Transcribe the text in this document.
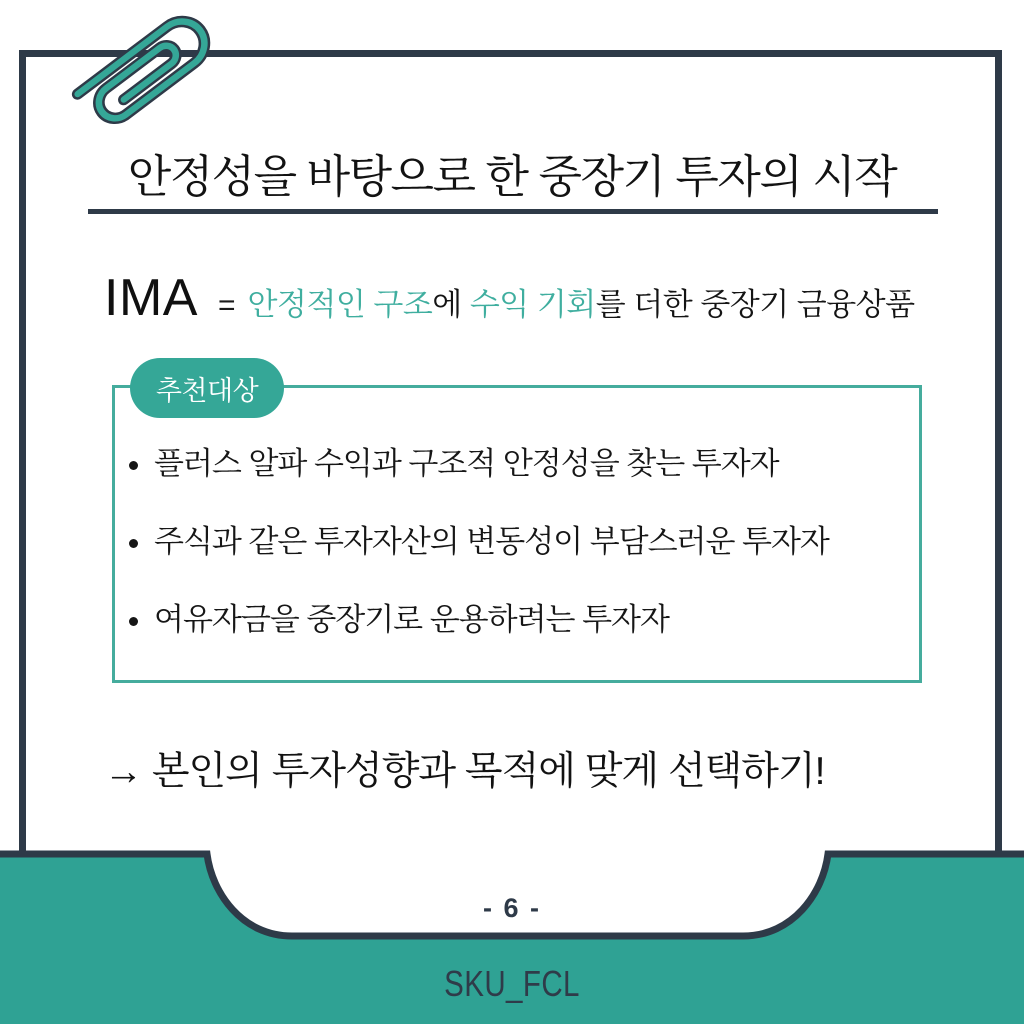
안정성을 바탕으로 한 중장기 투자의 시작
IMA = 안정적인 구조에 수익 기회를 더한 중장기 금융상품
추천대상
• 플러스 알파 수익과 구조적 안정성을 찾는 투자자
• 주식과 같은 투자자산의 변동성이 부담스러운 투자자
• 여유자금을 중장기로 운용하려는 투자자
→ 본인의 투자성향과 목적에 맞게 선택하기!
- 6 -
SKU_FCL
